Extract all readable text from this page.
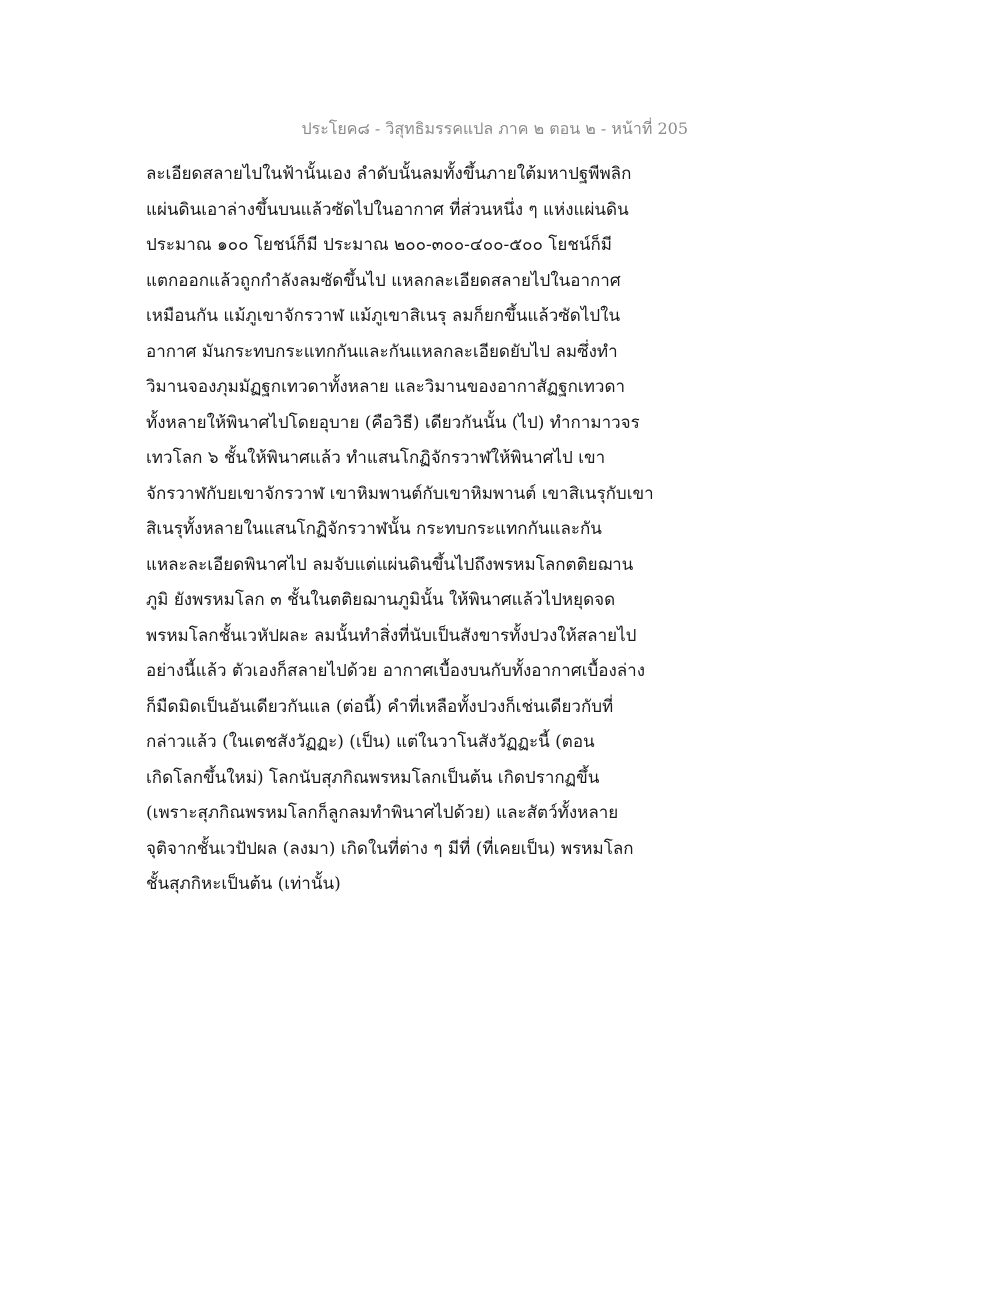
ประโยค๘ - วิสุทธิมรรคแปล ภาค ๒ ตอน ๒ - หน้าที่ 205
ละเอียดสลายไปในฟ้านั้นเอง ลำดับนั้นลมทั้งขึ้นภายใต้มหาปฐพีพลิก
แผ่นดินเอาล่างขึ้นบนแล้วซัดไปในอากาศ ที่ส่วนหนึ่ง ๆ แห่งแผ่นดิน
ประมาณ ๑๐๐ โยชน์ก็มี ประมาณ ๒๐๐-๓๐๐-๔๐๐-๕๐๐ โยชน์ก็มี
แตกออกแล้วถูกกำลังลมซัดขึ้นไป แหลกละเอียดสลายไปในอากาศ
เหมือนกัน แม้ภูเขาจักรวาฬ แม้ภูเขาสิเนรุ ลมก็ยกขึ้นแล้วซัดไปใน
อากาศ มันกระทบกระแทกกันและกันแหลกละเอียดยับไป ลมซึ่งทำ
วิมานจองภุมมัฏฐกเทวดาทั้งหลาย และวิมานของอากาสัฏฐกเทวดา
ทั้งหลายให้พินาศไปโดยอุบาย (คือวิธี) เดียวกันนั้น (ไป) ทำกามาวจร
เทวโลก ๖ ชั้นให้พินาศแล้ว ทำแสนโกฏิจักรวาฬให้พินาศไป เขา
จักรวาฬกับยเขาจักรวาฬ เขาหิมพานต์กับเขาหิมพานต์ เขาสิเนรุกับเขา
สิเนรุทั้งหลายในแสนโกฏิจักรวาฬนั้น กระทบกระแทกกันและกัน
แหละละเอียดพินาศไป ลมจับแต่แผ่นดินขึ้นไปถึงพรหมโลกตติยฌาน
ภูมิ ยังพรหมโลก ๓ ชั้นในตติยฌานภูมินั้น ให้พินาศแล้วไปหยุดจด
พรหมโลกชั้นเวหัปผละ ลมนั้นทำสิ่งที่นับเป็นสังขารทั้งปวงให้สลายไป
อย่างนี้แล้ว ตัวเองก็สลายไปด้วย อากาศเบื้องบนกับทั้งอากาศเบื้องล่าง
ก็มืดมิดเป็นอันเดียวกันแล (ต่อนี้) คำที่เหลือทั้งปวงก็เช่นเดียวกับที่
กล่าวแล้ว (ในเตชสังวัฏฏะ) (เป็น) แต่ในวาโนสังวัฏฏะนี้ (ตอน
เกิดโลกขึ้นใหม่) โลกนับสุภกิณพรหมโลกเป็นต้น เกิดปรากฏขึ้น
(เพราะสุภกิณพรหมโลกก็ลูกลมทำพินาศไปด้วย) และสัตว์ทั้งหลาย
จุติจากชั้นเวปัปผล (ลงมา) เกิดในที่ต่าง ๆ มีที่ (ที่เคยเป็น) พรหมโลก
ชั้นสุภกิหะเป็นต้น (เท่านั้น)
